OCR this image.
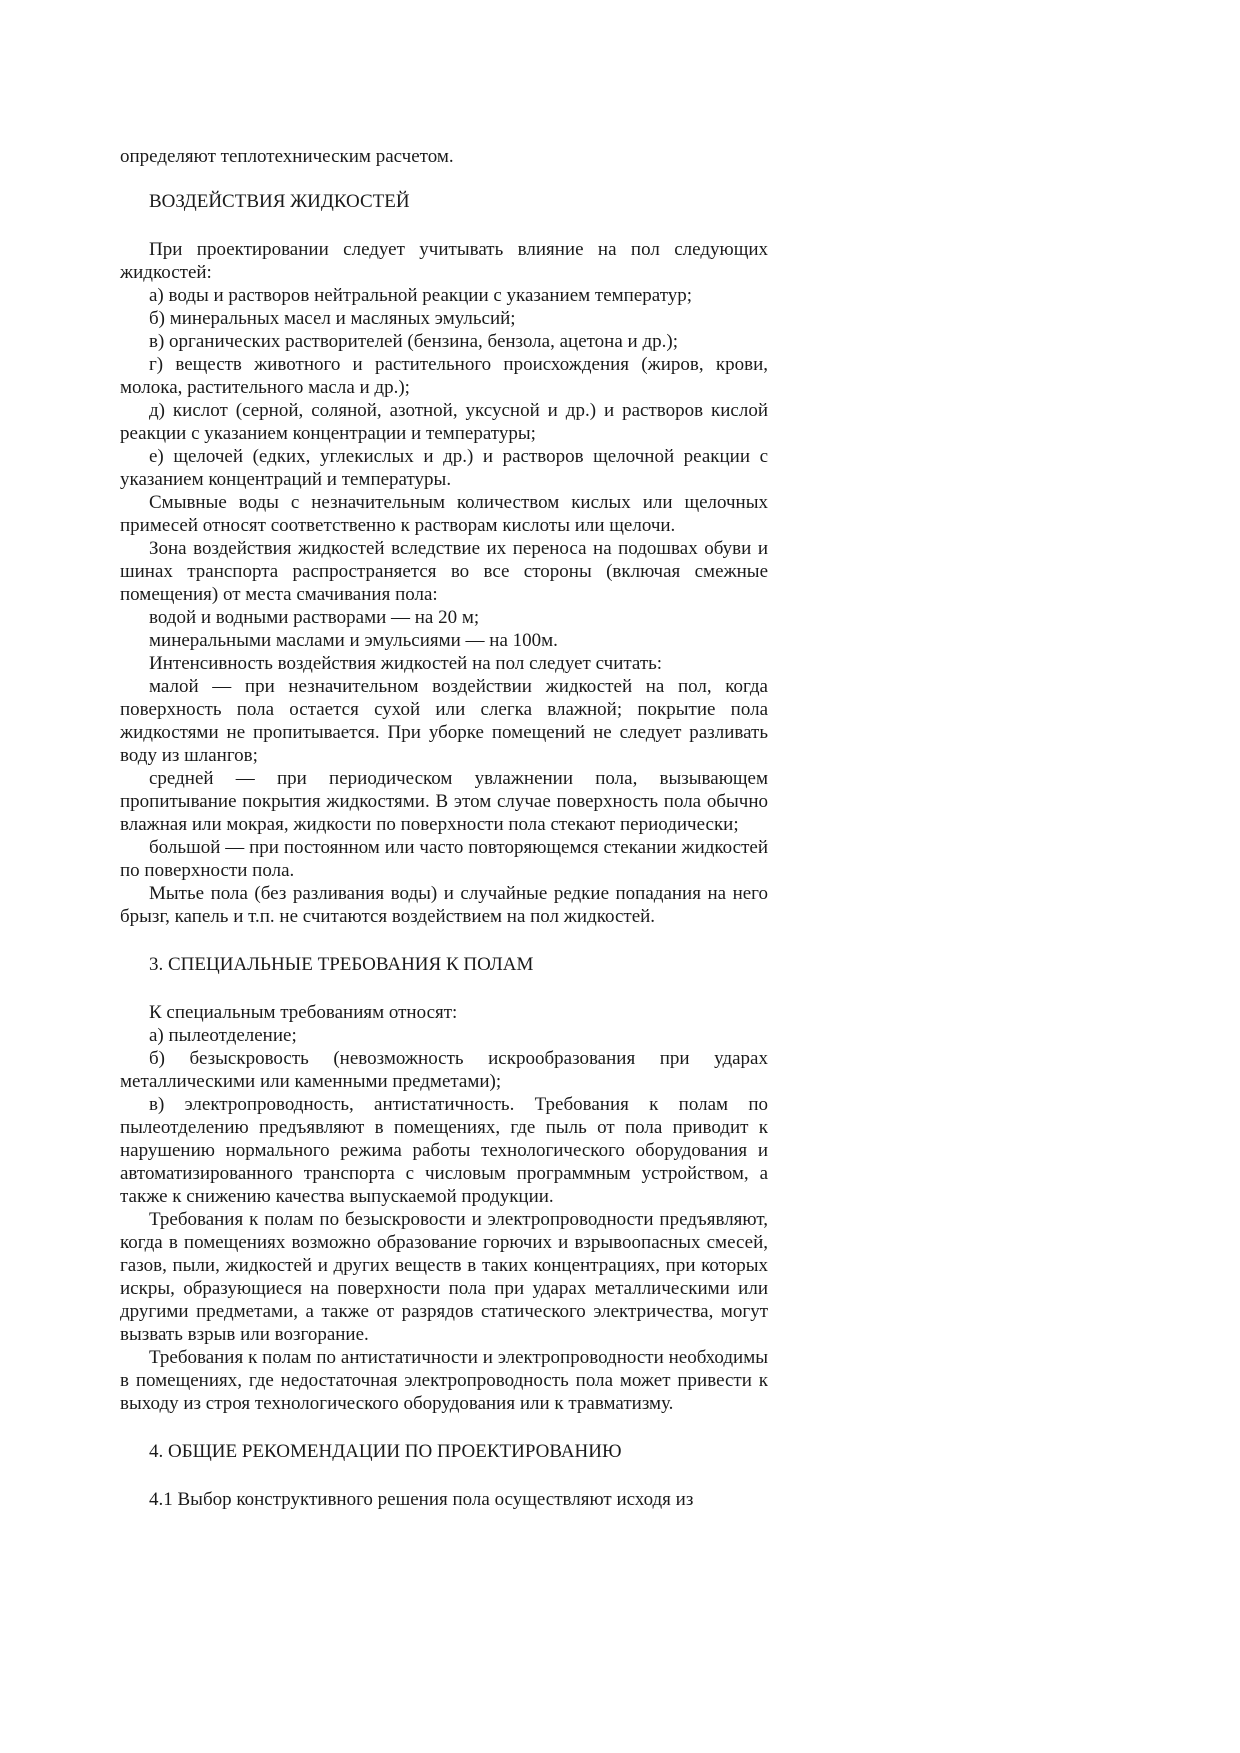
определяют теплотехническим расчетом.

ВОЗДЕЙСТВИЯ ЖИДКОСТЕЙ

При проектировании следует учитывать влияние на пол следующих жидкостей:

а) воды и растворов нейтральной реакции с указанием температур;

б) минеральных масел и масляных эмульсий;

в) органических растворителей (бензина, бензола, ацетона и др.);

г) веществ животного и растительного происхождения (жиров, крови, молока, растительного масла и др.);

д) кислот (серной, соляной, азотной, уксусной и др.) и растворов кислой реакции с указанием концентрации и температуры;

е) щелочей (едких, углекислых и др.) и растворов щелочной реакции с указанием концентраций и температуры.

Смывные воды с незначительным количеством кислых или щелочных примесей относят соответственно к растворам кислоты или щелочи.

Зона воздействия жидкостей вследствие их переноса на подошвах обуви и шинах транспорта распространяется во все стороны (включая смежные помещения) от места смачивания пола:

водой и водными растворами — на 20 м;

минеральными маслами и эмульсиями — на 100м.

Интенсивность воздействия жидкостей на пол следует считать:

малой — при незначительном воздействии жидкостей на пол, когда поверхность пола остается сухой или слегка влажной; покрытие пола жидкостями не пропитывается. При уборке помещений не следует разливать воду из шлангов;

средней — при периодическом увлажнении пола, вызывающем пропитывание покрытия жидкостями. В этом случае поверхность пола обычно влажная или мокрая, жидкости по поверхности пола стекают периодически;

большой — при постоянном или часто повторяющемся стекании жидкостей по поверхности пола.

Мытье пола (без разливания воды) и случайные редкие попадания на него брызг, капель и т.п. не считаются воздействием на пол жидкостей.

3. СПЕЦИАЛЬНЫЕ ТРЕБОВАНИЯ К ПОЛАМ

К специальным требованиям относят:

а) пылеотделение;

б) безыскровость (невозможность искрообразования при ударах металлическими или каменными предметами);

в) электропроводность, антистатичность. Требования к полам по пылеотделению предъявляют в помещениях, где пыль от пола приводит к нарушению нормального режима работы технологического оборудования и автоматизированного транспорта с числовым программным устройством, а также к снижению качества выпускаемой продукции.

Требования к полам по безыскровости и электропроводности предъявляют, когда в помещениях возможно образование горючих и взрывоопасных смесей, газов, пыли, жидкостей и других веществ в таких концентрациях, при которых искры, образующиеся на поверхности пола при ударах металлическими или другими предметами, а также от разрядов статического электричества, могут вызвать взрыв или возгорание.

Требования к полам по антистатичности и электропроводности необходимы в помещениях, где недостаточная электропроводность пола может привести к выходу из строя технологического оборудования или к травматизму.

4. ОБЩИЕ РЕКОМЕНДАЦИИ ПО ПРОЕКТИРОВАНИЮ

4.1 Выбор конструктивного решения пола осуществляют исходя из
